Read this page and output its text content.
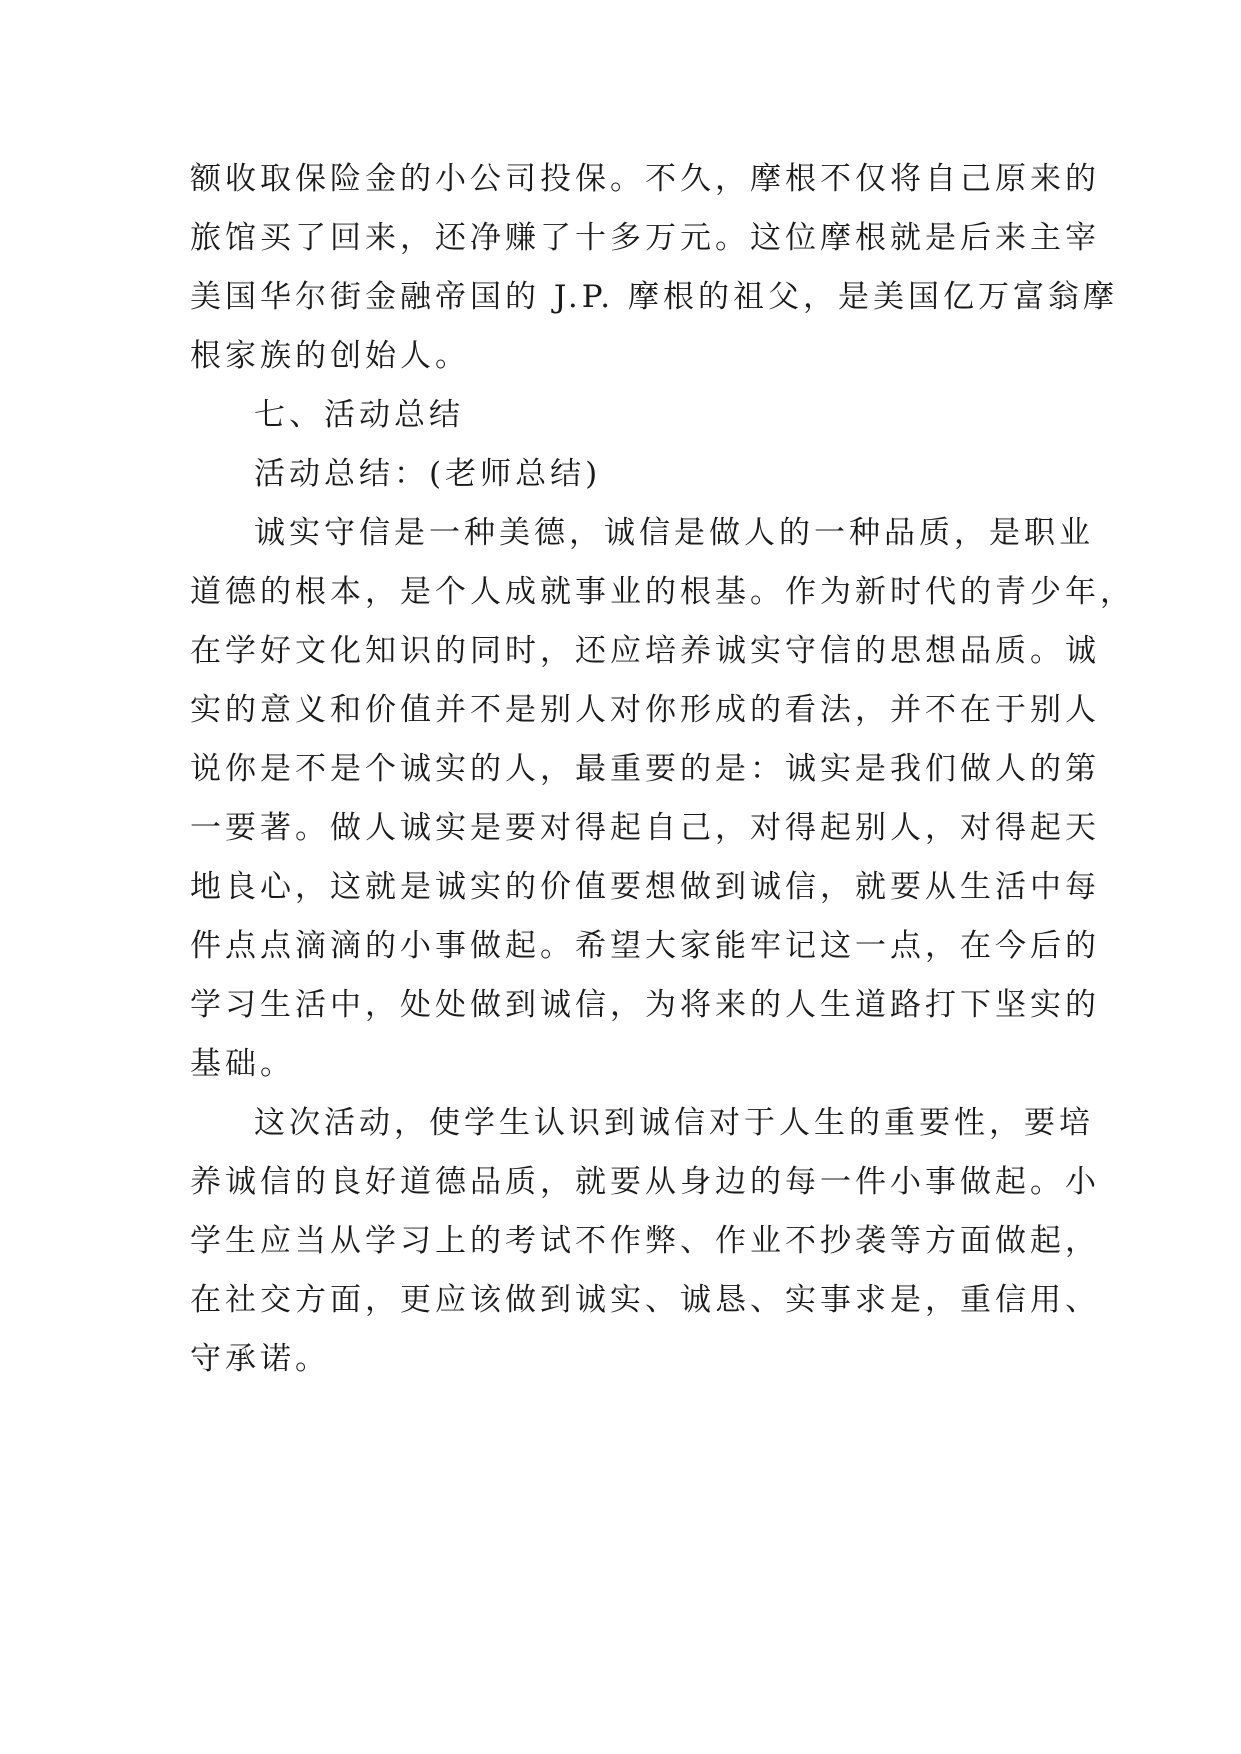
额收取保险金的小公司投保。不久，摩根不仅将自己原来的
旅馆买了回来，还净赚了十多万元。这位摩根就是后来主宰
美国华尔街金融帝国的 J.P. 摩根的祖父，是美国亿万富翁摩
根家族的创始人。
七、活动总结
活动总结：(老师总结)
诚实守信是一种美德，诚信是做人的一种品质，是职业
道德的根本，是个人成就事业的根基。作为新时代的青少年，
在学好文化知识的同时，还应培养诚实守信的思想品质。诚
实的意义和价值并不是别人对你形成的看法，并不在于别人
说你是不是个诚实的人，最重要的是：诚实是我们做人的第
一要著。做人诚实是要对得起自己，对得起别人，对得起天
地良心，这就是诚实的价值要想做到诚信，就要从生活中每
件点点滴滴的小事做起。希望大家能牢记这一点，在今后的
学习生活中，处处做到诚信，为将来的人生道路打下坚实的
基础。
这次活动，使学生认识到诚信对于人生的重要性，要培
养诚信的良好道德品质，就要从身边的每一件小事做起。小
学生应当从学习上的考试不作弊、作业不抄袭等方面做起，
在社交方面，更应该做到诚实、诚恳、实事求是，重信用、
守承诺。
